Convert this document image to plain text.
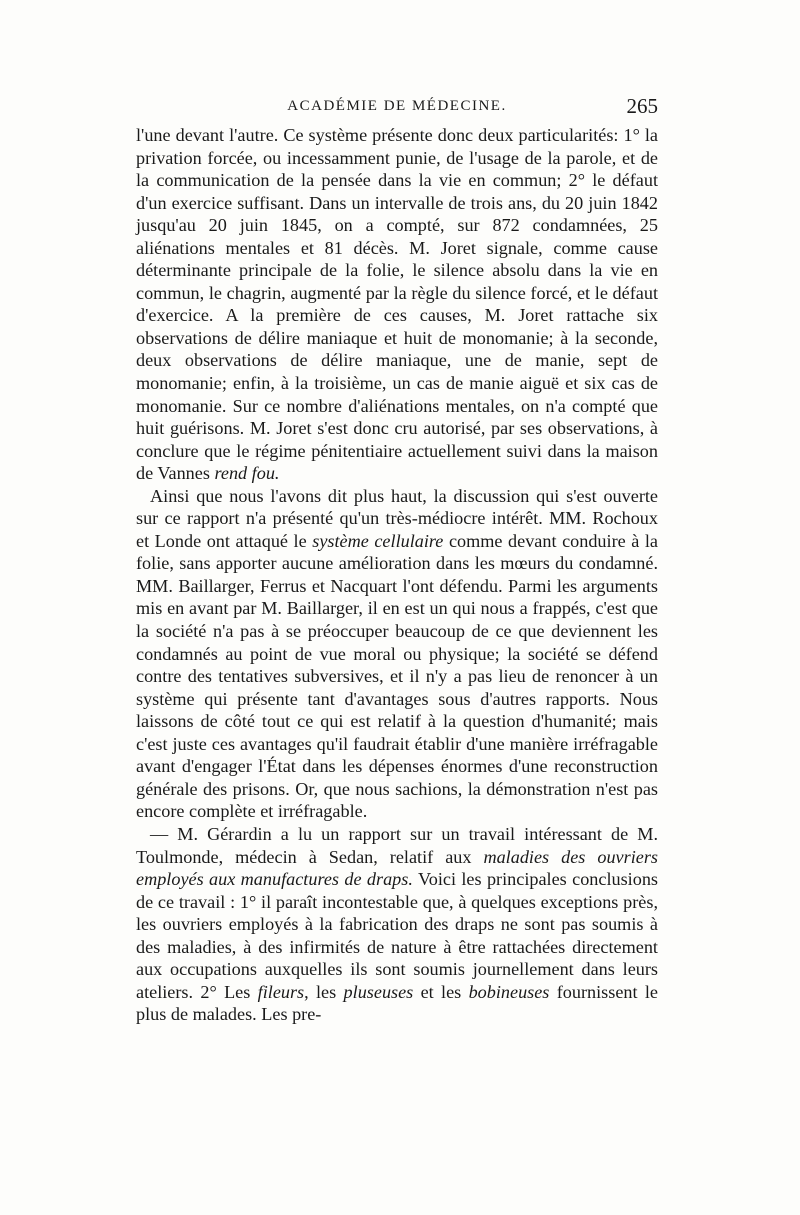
ACADÉMIE DE MÉDECINE.	265

l'une devant l'autre. Ce système présente donc deux particularités: 1° la privation forcée, ou incessamment punie, de l'usage de la parole, et de la communication de la pensée dans la vie en commun; 2° le défaut d'un exercice suffisant. Dans un intervalle de trois ans, du 20 juin 1842 jusqu'au 20 juin 1845, on a compté, sur 872 condamnées, 25 aliénations mentales et 81 décès. M. Joret signale, comme cause déterminante principale de la folie, le silence absolu dans la vie en commun, le chagrin, augmenté par la règle du silence forcé, et le défaut d'exercice. A la première de ces causes, M. Joret rattache six observations de délire maniaque et huit de monomanie; à la seconde, deux observations de délire maniaque, une de manie, sept de monomanie; enfin, à la troisième, un cas de manie aiguë et six cas de monomanie. Sur ce nombre d'aliénations mentales, on n'a compté que huit guérisons. M. Joret s'est donc cru autorisé, par ses observations, à conclure que le régime pénitentiaire actuellement suivi dans la maison de Vannes rend fou.

Ainsi que nous l'avons dit plus haut, la discussion qui s'est ouverte sur ce rapport n'a présenté qu'un très-médiocre intérêt. MM. Rochoux et Londe ont attaqué le système cellulaire comme devant conduire à la folie, sans apporter aucune amélioration dans les mœurs du condamné. MM. Baillarger, Ferrus et Nacquart l'ont défendu. Parmi les arguments mis en avant par M. Baillarger, il en est un qui nous a frappés, c'est que la société n'a pas à se préoccuper beaucoup de ce que deviennent les condamnés au point de vue moral ou physique; la société se défend contre des tentatives subversives, et il n'y a pas lieu de renoncer à un système qui présente tant d'avantages sous d'autres rapports. Nous laissons de côté tout ce qui est relatif à la question d'humanité; mais c'est juste ces avantages qu'il faudrait établir d'une manière irréfragable avant d'engager l'État dans les dépenses énormes d'une reconstruction générale des prisons. Or, que nous sachions, la démonstration n'est pas encore complète et irréfragable.

— M. Gérardin a lu un rapport sur un travail intéressant de M. Toulmonde, médecin à Sedan, relatif aux maladies des ouvriers employés aux manufactures de draps. Voici les principales conclusions de ce travail : 1° il paraît incontestable que, à quelques exceptions près, les ouvriers employés à la fabrication des draps ne sont pas soumis à des maladies, à des infirmités de nature à être rattachées directement aux occupations auxquelles ils sont soumis journellement dans leurs ateliers. 2° Les fileurs, les pluseuses et les bobineuses fournissent le plus de malades. Les pre-
